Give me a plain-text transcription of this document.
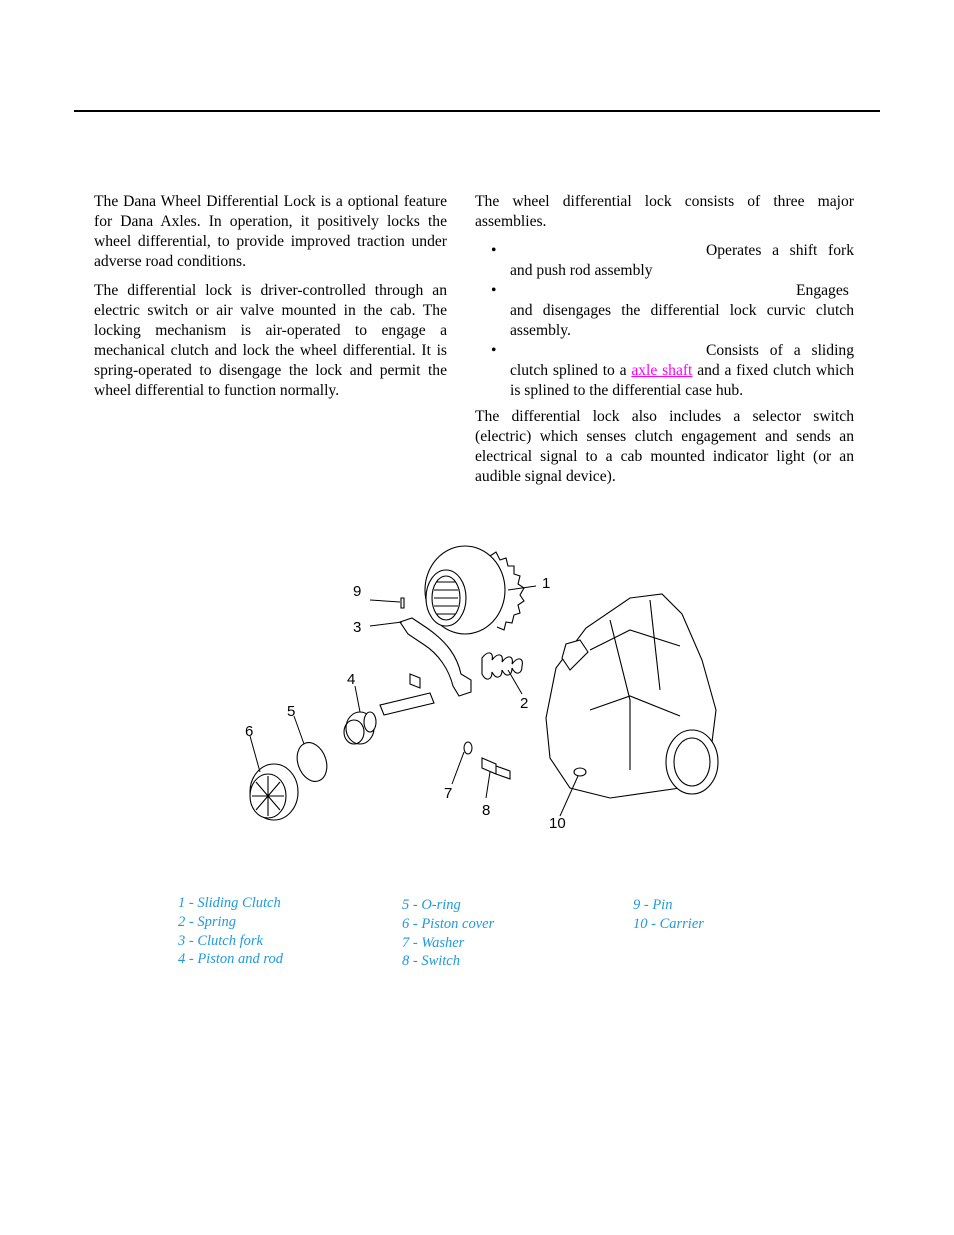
The Dana Wheel Differential Lock is a optional feature for Dana Axles. In operation, it positively locks the wheel differential, to provide improved traction under adverse road conditions.

The differential lock is driver-controlled through an electric switch or air valve mounted in the cab. The locking mechanism is air-operated to engage a mechanical clutch and lock the wheel differential. It is spring-operated to disengage the lock and permit the wheel differential to function normally.

The wheel differential lock consists of three major assemblies.

•	Operates a shift fork and push rod assembly
•	Engages and disengages the differential lock curvic clutch assembly.
•	Consists of a sliding clutch splined to a axle shaft and a fixed clutch which is splined to the differential case hub.

The differential lock also includes a selector switch (electric) which senses clutch engagement and sends an electrical signal to a cab mounted indicator light (or an audible signal device).

1
2
3
4
5
6
7
8
9
10
1 - Sliding Clutch
2 - Spring
3 - Clutch fork
4 - Piston and rod
5 - O-ring
6 - Piston cover
7 - Washer
8 - Switch
9 - Pin
10 - Carrier
